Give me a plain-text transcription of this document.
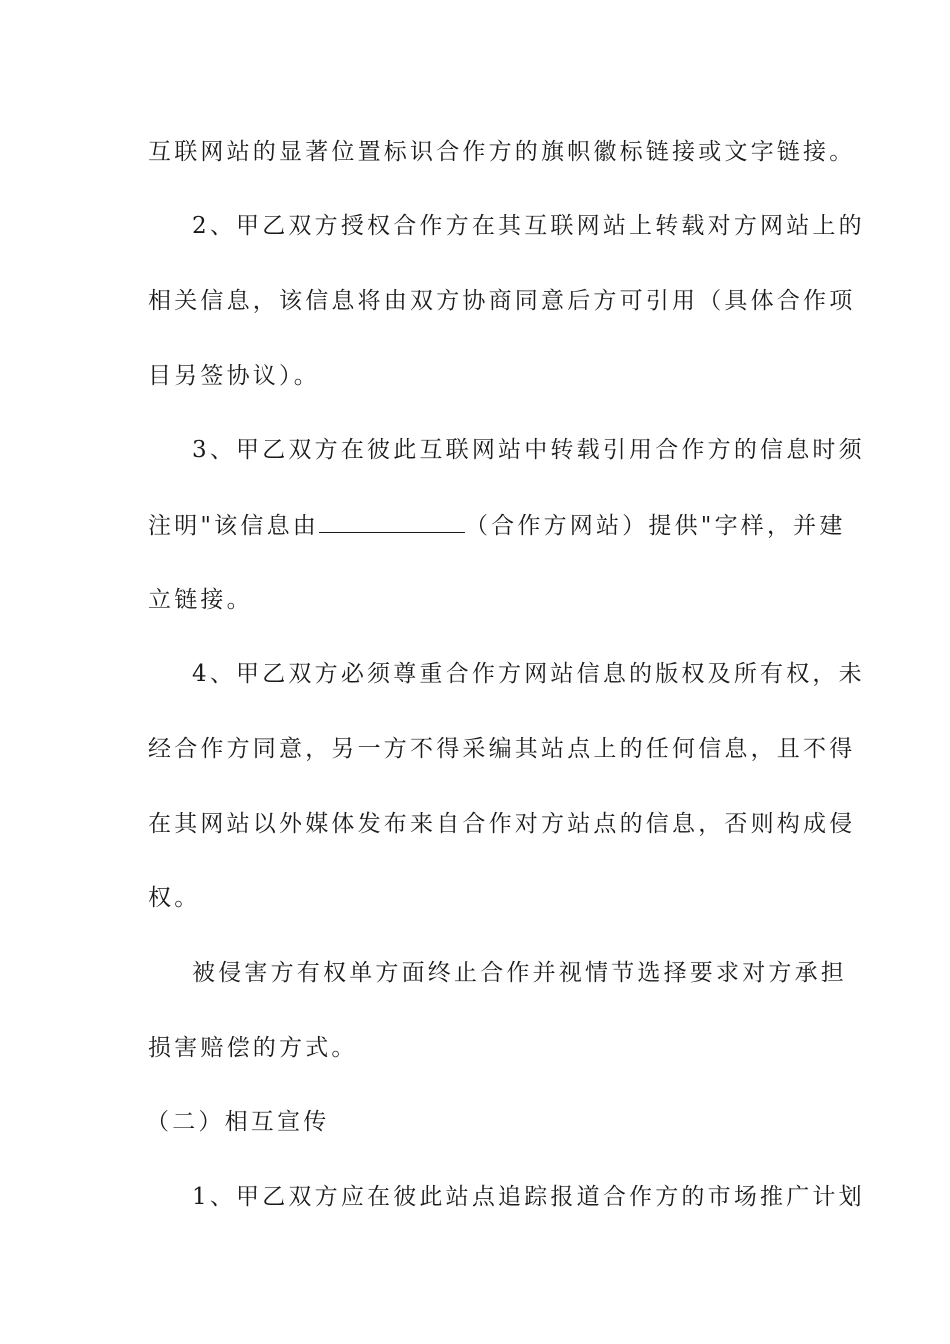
互联网站的显著位置标识合作方的旗帜徽标链接或文字链接。
2、甲乙双方授权合作方在其互联网站上转载对方网站上的
相关信息，该信息将由双方协商同意后方可引用（具体合作项
目另签协议）。
3、甲乙双方在彼此互联网站中转载引用合作方的信息时须
注明"该信息由	（合作方网站）提供"字样，并建
立链接。
4、甲乙双方必须尊重合作方网站信息的版权及所有权，未
经合作方同意，另一方不得采编其站点上的任何信息，且不得
在其网站以外媒体发布来自合作对方站点的信息，否则构成侵
权。
被侵害方有权单方面终止合作并视情节选择要求对方承担
损害赔偿的方式。
（二）相互宣传
1、甲乙双方应在彼此站点追踪报道合作方的市场推广计划
